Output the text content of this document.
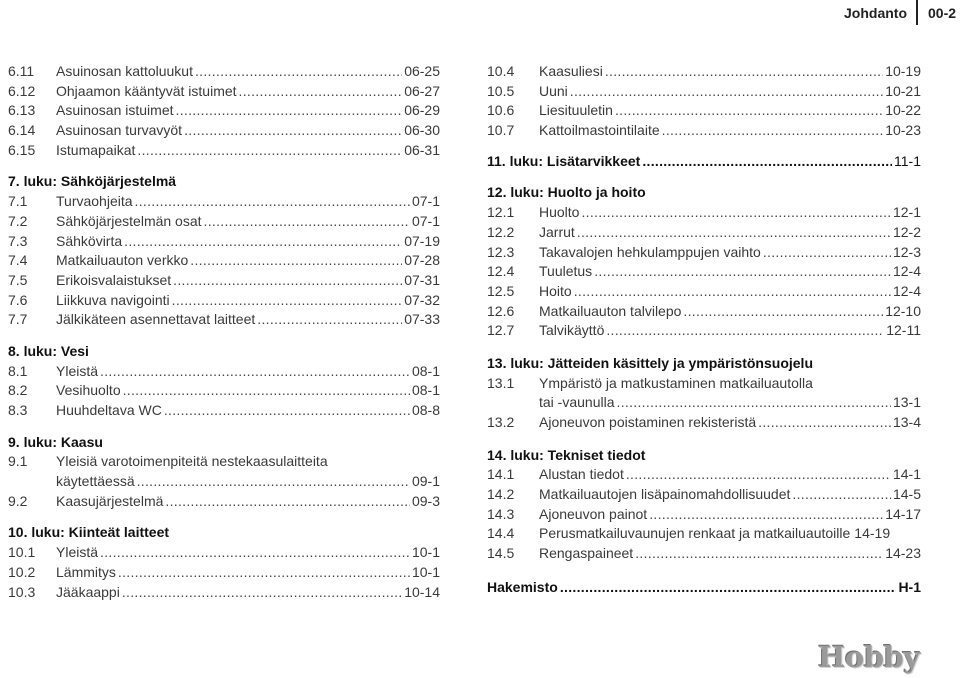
Johdanto	00-2
6.11	Asuinosan kattoluukut .....	06-25
6.12	Ohjaamon kääntyvät istuimet .....	06-27
6.13	Asuinosan istuimet .....	06-29
6.14	Asuinosan turvavyöt .....	06-30
6.15	Istumapaikat .....	06-31
7. luku: Sähköjärjestelmä
7.1	Turvaohjeita .....	07-1
7.2	Sähköjärjestelmän osat .....	07-1
7.3	Sähkövirta .....	07-19
7.4	Matkailuauton verkko .....	07-28
7.5	Erikoisvalaistukset .....	07-31
7.6	Liikkuva navigointi .....	07-32
7.7	Jälkikäteen asennettavat laitteet .....	07-33
8. luku: Vesi
8.1	Yleistä .....	08-1
8.2	Vesihuolto .....	08-1
8.3	Huuhdeltava WC .....	08-8
9. luku: Kaasu
9.1	Yleisiä varotoimenpiteitä nestekaasulaitteita
käytettäessä .....	09-1
9.2	Kaasujärjestelmä .....	09-3
10. luku: Kiinteät laitteet
10.1	Yleistä .....	10-1
10.2	Lämmitys .....	10-1
10.3	Jääkaappi .....	10-14
10.4	Kaasuliesi .....	10-19
10.5	Uuni .....	10-21
10.6	Liesituuletin .....	10-22
10.7	Kattoilmastointilaite .....	10-23
11. luku: Lisätarvikkeet .....	11-1
12. luku: Huolto ja hoito
12.1	Huolto .....	12-1
12.2	Jarrut .....	12-2
12.3	Takavalojen hehkulamppujen vaihto .....	12-3
12.4	Tuuletus .....	12-4
12.5	Hoito .....	12-4
12.6	Matkailuauton talvilepo .....	12-10
12.7	Talvikäyttö .....	12-11
13. luku: Jätteiden käsittely ja ympäristönsuojelu
13.1	Ympäristö ja matkustaminen matkailuautolla
tai -vaunulla .....	13-1
13.2	Ajoneuvon poistaminen rekisteristä .....	13-4
14. luku: Tekniset tiedot
14.1	Alustan tiedot .....	14-1
14.2	Matkailuautojen lisäpainomahdollisuudet .....	14-5
14.3	Ajoneuvon painot .....	14-17
14.4	Perusmatkailuvaunujen renkaat ja matkailuautoille 14-19
14.5	Rengaspaineet .....	14-23
Hakemisto .....	H-1
Hobby
